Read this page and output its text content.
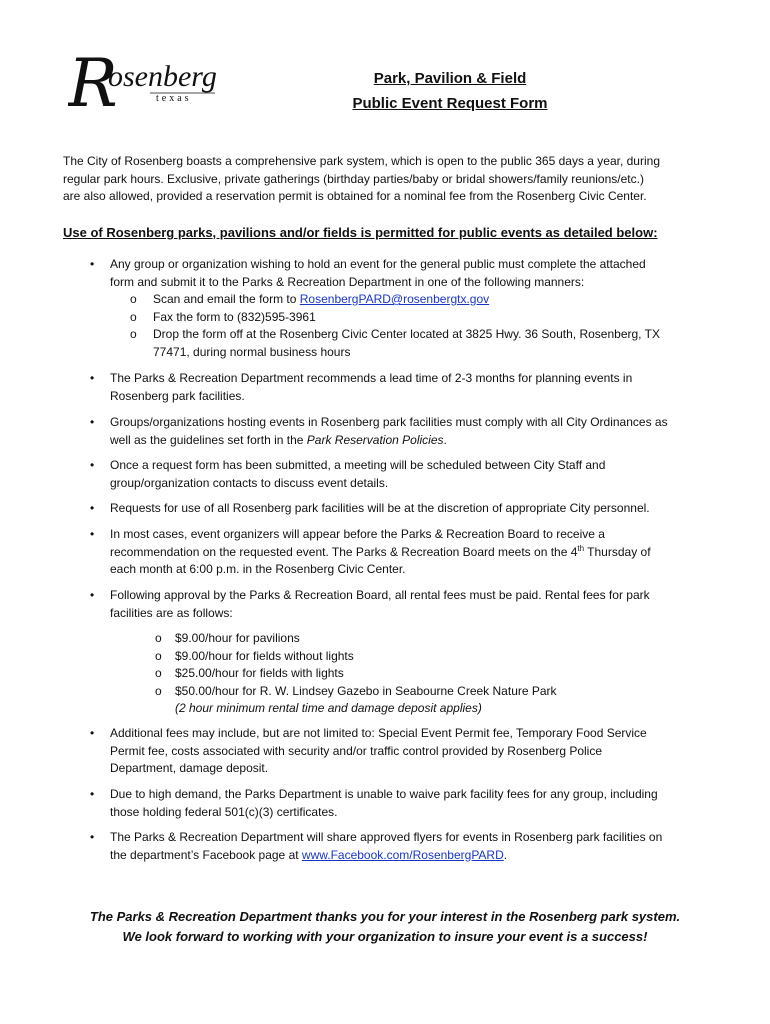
R
osenberg
texas
Park, Pavilion & Field
Public Event Request Form
The City of Rosenberg boasts a comprehensive park system, which is open to the public 365 days a year, during
regular park hours. Exclusive, private gatherings (birthday parties/baby or bridal showers/family reunions/etc.)
are also allowed, provided a reservation permit is obtained for a nominal fee from the Rosenberg Civic Center.
Use of Rosenberg parks, pavilions and/or fields is permitted for public events as detailed below:
• Any group or organization wishing to hold an event for the general public must complete the attached
form and submit it to the Parks & Recreation Department in one of the following manners:
o Scan and email the form to RosenbergPARD@rosenbergtx.gov
o Fax the form to (832)595-3961
o Drop the form off at the Rosenberg Civic Center located at 3825 Hwy. 36 South, Rosenberg, TX
77471, during normal business hours
• The Parks & Recreation Department recommends a lead time of 2-3 months for planning events in
Rosenberg park facilities.
• Groups/organizations hosting events in Rosenberg park facilities must comply with all City Ordinances as
well as the guidelines set forth in the Park Reservation Policies.
• Once a request form has been submitted, a meeting will be scheduled between City Staff and
group/organization contacts to discuss event details.
• Requests for use of all Rosenberg park facilities will be at the discretion of appropriate City personnel.
• In most cases, event organizers will appear before the Parks & Recreation Board to receive a
recommendation on the requested event. The Parks & Recreation Board meets on the 4th Thursday of
each month at 6:00 p.m. in the Rosenberg Civic Center.
• Following approval by the Parks & Recreation Board, all rental fees must be paid. Rental fees for park
facilities are as follows:
o $9.00/hour for pavilions
o $9.00/hour for fields without lights
o $25.00/hour for fields with lights
o $50.00/hour for R. W. Lindsey Gazebo in Seabourne Creek Nature Park
(2 hour minimum rental time and damage deposit applies)
• Additional fees may include, but are not limited to: Special Event Permit fee, Temporary Food Service
Permit fee, costs associated with security and/or traffic control provided by Rosenberg Police
Department, damage deposit.
• Due to high demand, the Parks Department is unable to waive park facility fees for any group, including
those holding federal 501(c)(3) certificates.
• The Parks & Recreation Department will share approved flyers for events in Rosenberg park facilities on
the department’s Facebook page at www.Facebook.com/RosenbergPARD.
The Parks & Recreation Department thanks you for your interest in the Rosenberg park system.
We look forward to working with your organization to insure your event is a success!
